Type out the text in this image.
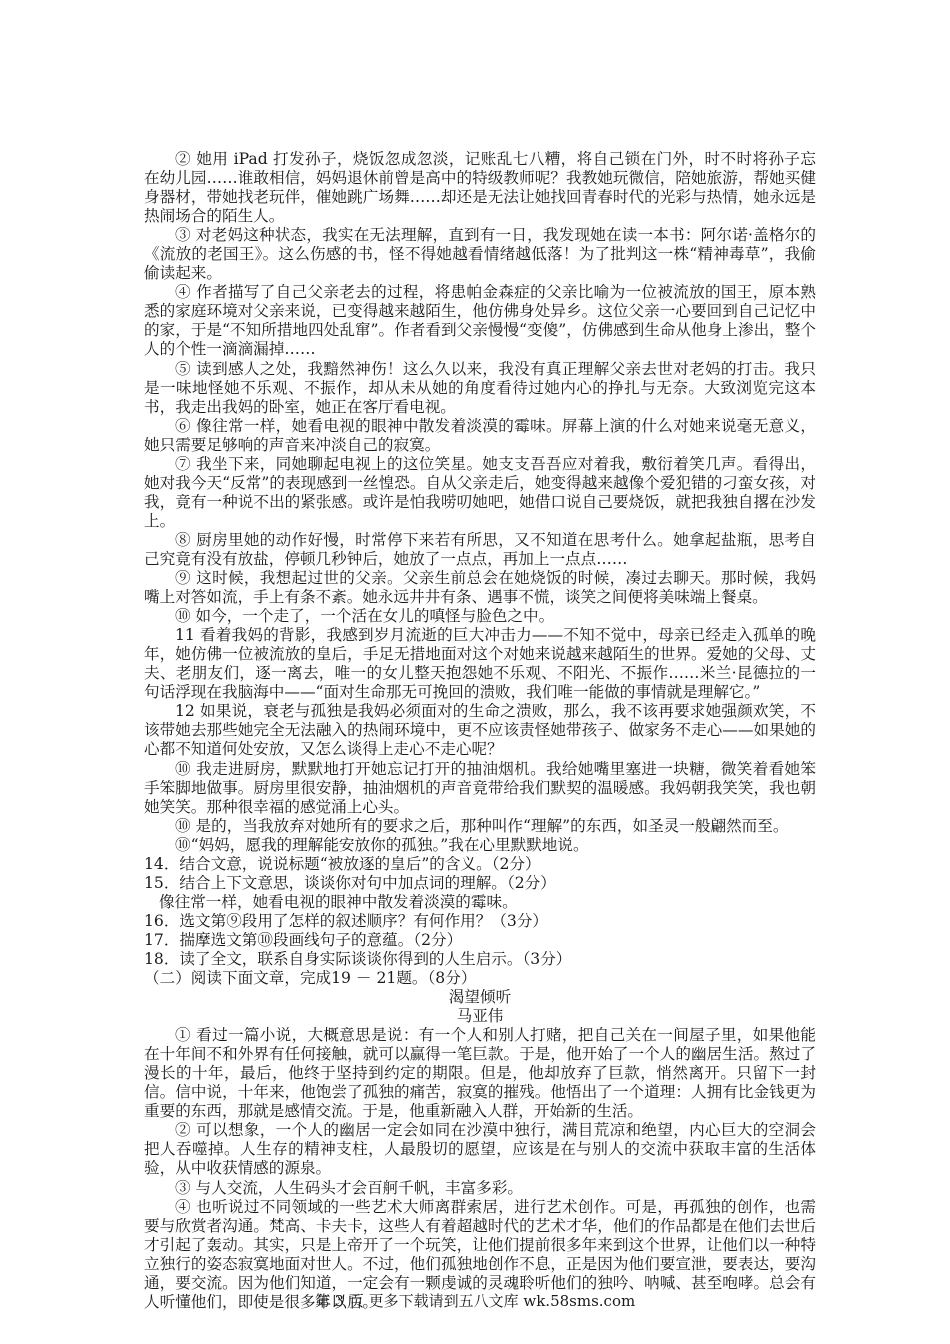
② 她用 iPad 打发孙子，烧饭忽成忽淡，记账乱七八糟，将自己锁在门外，时不时将孙子忘在幼儿园……谁敢相信，妈妈退休前曾是高中的特级教师呢？我教她玩微信，陪她旅游，帮她买健身器材，带她找老玩伴，催她跳广场舞……却还是无法让她找回青春时代的光彩与热情，她永远是热闹场合的陌生人。

③ 对老妈这种状态，我实在无法理解，直到有一日，我发现她在读一本书：阿尔诺·盖格尔的《流放的老国王》。这么伤感的书，怪不得她越看情绪越低落！为了批判这一株“精神毒草”，我偷偷读起来。

④ 作者描写了自己父亲老去的过程，将患帕金森症的父亲比喻为一位被流放的国王，原本熟悉的家庭环境对父亲来说，已变得越来越陌生，他仿佛身处异乡。这位父亲一心要回到自己记忆中的家，于是“不知所措地四处乱窜”。作者看到父亲慢慢“变傻”，仿佛感到生命从他身上渗出，整个人的个性一滴滴漏掉……

⑤ 读到感人之处，我黯然神伤！这么久以来，我没有真正理解父亲去世对老妈的打击。我只是一味地怪她不乐观、不振作，却从未从她的角度看待过她内心的挣扎与无奈。大致浏览完这本书，我走出我妈的卧室，她正在客厅看电视。

⑥ 像往常一样，她看电视的眼神中散发着淡漠的霉味。屏幕上演的什么对她来说毫无意义，她只需要足够响的声音来冲淡自己的寂寞。

⑦ 我坐下来，同她聊起电视上的这位笑星。她支支吾吾应对着我，敷衍着笑几声。看得出，她对我今天“反常”的表现感到一丝惶恐。自从父亲走后，她变得越来越像个爱犯错的刁蛮女孩，对我，竟有一种说不出的紧张感。或许是怕我唠叨她吧，她借口说自己要烧饭，就把我独自撂在沙发上。

⑧ 厨房里她的动作好慢，时常停下来若有所思，又不知道在思考什么。她拿起盐瓶，思考自己究竟有没有放盐，停顿几秒钟后，她放了一点点，再加上一点点……

⑨ 这时候，我想起过世的父亲。父亲生前总会在她烧饭的时候，凑过去聊天。那时候，我妈嘴上对答如流，手上有条不紊。她永远井井有条、遇事不慌，谈笑之间便将美味端上餐桌。

⑩ 如今，一个走了，一个活在女儿的嗔怪与脸色之中。

11 看着我妈的背影，我感到岁月流逝的巨大冲击力——不知不觉中，母亲已经走入孤单的晚年，她仿佛一位被流放的皇后，手足无措地面对这个对她来说越来越陌生的世界。爱她的父母、丈夫、老朋友们，逐一离去，唯一的女儿整天抱怨她不乐观、不阳光、不振作……米兰·昆德拉的一句话浮现在我脑海中——“面对生命那无可挽回的溃败，我们唯一能做的事情就是理解它。”

12 如果说，衰老与孤独是我妈必须面对的生命之溃败，那么，我不该再要求她强颜欢笑，不该带她去那些她完全无法融入的热闹环境中，更不应该责怪她带孩子、做家务不走心——如果她的心都不知道何处安放，又怎么谈得上走心不走心呢？

⑩ 我走进厨房，默默地打开她忘记打开的抽油烟机。我给她嘴里塞进一块糖，微笑着看她笨手笨脚地做事。厨房里很安静，抽油烟机的声音竟带给我们默契的温暖感。我妈朝我笑笑，我也朝她笑笑。那种很幸福的感觉涌上心头。

⑩ 是的，当我放弃对她所有的要求之后，那种叫作“理解”的东西，如圣灵一般翩然而至。

⑩“妈妈，愿我的理解能安放你的孤独。”我在心里默默地说。

14．结合文意，说说标题“被放逐的皇后”的含义。（2分）

15．结合上下文意思，谈谈你对句中加点词的理解。（2分）

像往常一样，她看电视的眼神中散发着淡漠的霉味。

16．选文第⑨段用了怎样的叙述顺序？有何作用？（3分）

17．揣摩选文第⑩段画线句子的意蕴。（2分）

18．读了全文，联系自身实际谈谈你得到的人生启示。（3分）

（二）阅读下面文章，完成19 － 21题。（8分）

渴望倾听

马亚伟

① 看过一篇小说，大概意思是说：有一个人和别人打赌，把自己关在一间屋子里，如果他能在十年间不和外界有任何接触，就可以赢得一笔巨款。于是，他开始了一个人的幽居生活。熬过了漫长的十年，最后，他终于坚持到约定的期限。但是，他却放弃了巨款，悄然离开。只留下一封信。信中说，十年来，他饱尝了孤独的痛苦，寂寞的摧残。他悟出了一个道理：人拥有比金钱更为重要的东西，那就是感情交流。于是，他重新融入人群，开始新的生活。

② 可以想象，一个人的幽居一定会如同在沙漠中独行，满目荒凉和绝望，内心巨大的空洞会把人吞噬掉。人生存的精神支柱，人最殷切的愿望，应该是在与别人的交流中获取丰富的生活体验，从中收获情感的源泉。

③ 与人交流，人生码头才会百舸千帆，丰富多彩。

④ 也听说过不同领域的一些艺术大师离群索居，进行艺术创作。可是，再孤独的创作，也需要与欣赏者沟通。梵高、卡夫卡，这些人有着超越时代的艺术才华，他们的作品都是在他们去世后才引起了轰动。其实，只是上帝开了一个玩笑，让他们提前很多年来到这个世界，让他们以一种特立独行的姿态寂寞地面对世人。不过，他们孤独地创作不息，正是因为他们要宣泄，要表达，要沟通，要交流。因为他们知道，一定会有一颗虔诚的灵魂聆听他们的独吟、呐喊、甚至咆哮。总会有人听懂他们，即使是很多年以后。

第 3 页 更多下载请到五八文库 wk.58sms.com
